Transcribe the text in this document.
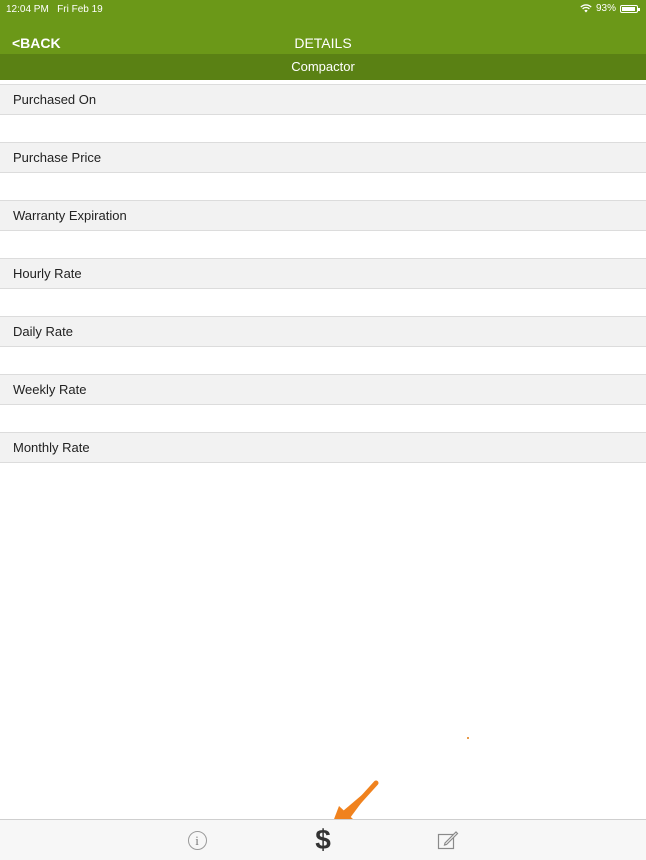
12:04 PM Fri Feb 19	93%
<BACK	DETAILS
Compactor
Purchased On
Purchase Price
Warranty Expiration
Hourly Rate
Daily Rate
Weekly Rate
Monthly Rate
i	$
